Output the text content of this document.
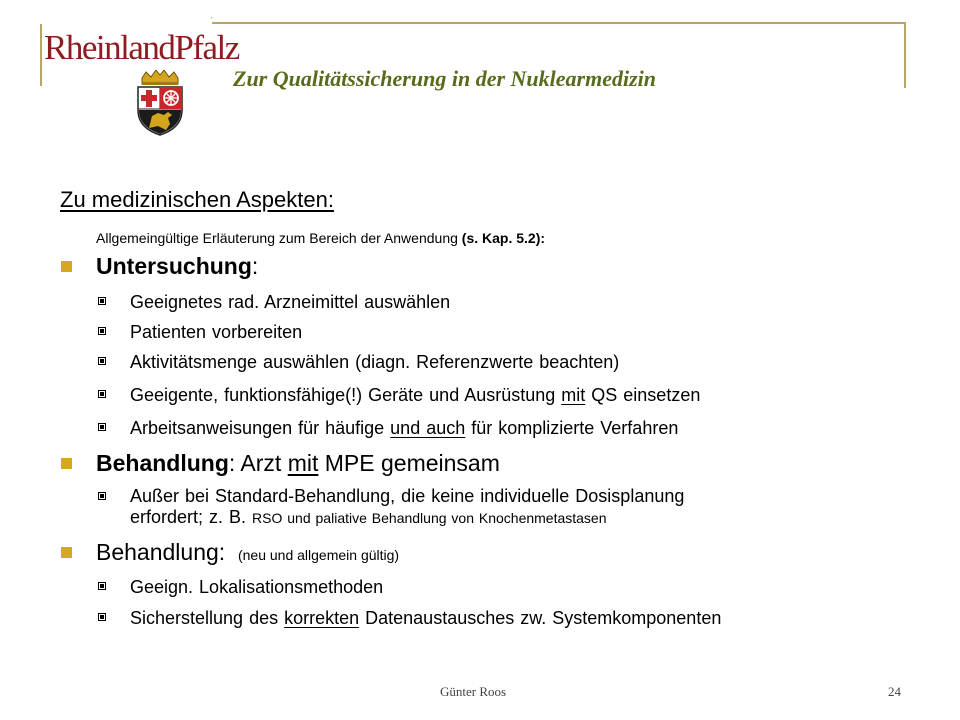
ˊ
RheinlandPfalz
Zur Qualitätssicherung in der Nuklearmedizin
Zu medizinischen Aspekten:
Allgemeingültige Erläuterung zum Bereich der Anwendung (s. Kap. 5.2):
Untersuchung:
Geeignetes rad. Arzneimittel auswählen
Patienten vorbereiten
Aktivitätsmenge auswählen (diagn. Referenzwerte beachten)
Geeigente, funktionsfähige(!) Geräte und Ausrüstung mit QS einsetzen
Arbeitsanweisungen für häufige und auch für komplizierte Verfahren
Behandlung: Arzt mit MPE gemeinsam
Außer bei Standard-Behandlung, die keine individuelle Dosisplanung
erfordert; z. B. RSO und paliative Behandlung von Knochenmetastasen
Behandlung: (neu und allgemein gültig)
Geeign. Lokalisationsmethoden
Sicherstellung des korrekten Datenaustausches zw. Systemkomponenten
Günter Roos	24
